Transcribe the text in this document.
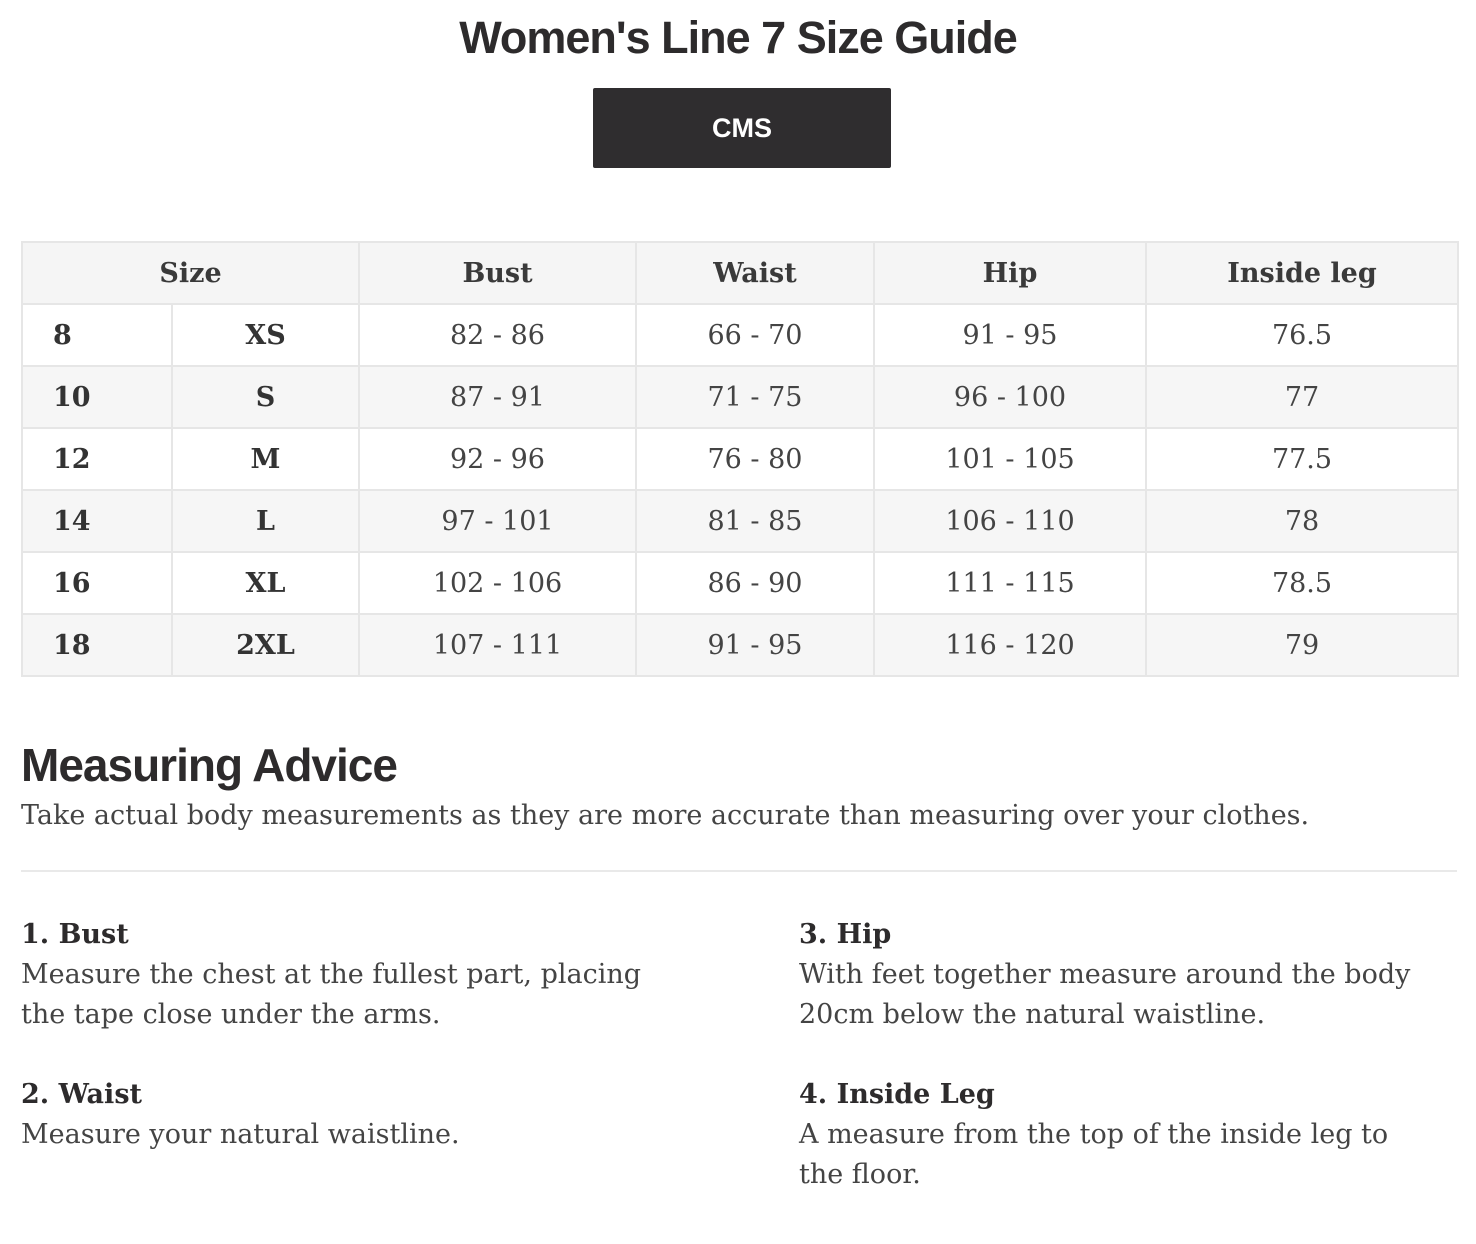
Women's Line 7 Size Guide
CMS
Size		Bust	Waist	Hip	Inside leg
8	XS	82 - 86	66 - 70	91 - 95	76.5
10	S	87 - 91	71 - 75	96 - 100	77
12	M	92 - 96	76 - 80	101 - 105	77.5
14	L	97 - 101	81 - 85	106 - 110	78
16	XL	102 - 106	86 - 90	111 - 115	78.5
18	2XL	107 - 111	91 - 95	116 - 120	79
Measuring Advice

Take actual body measurements as they are more accurate than measuring over your clothes.

1. Bust

Measure the chest at the fullest part, placing the tape close under the arms.

2. Waist

Measure your natural waistline.

3. Hip

With feet together measure around the body 20cm below the natural waistline.

4. Inside Leg

A measure from the top of the inside leg to the floor.
